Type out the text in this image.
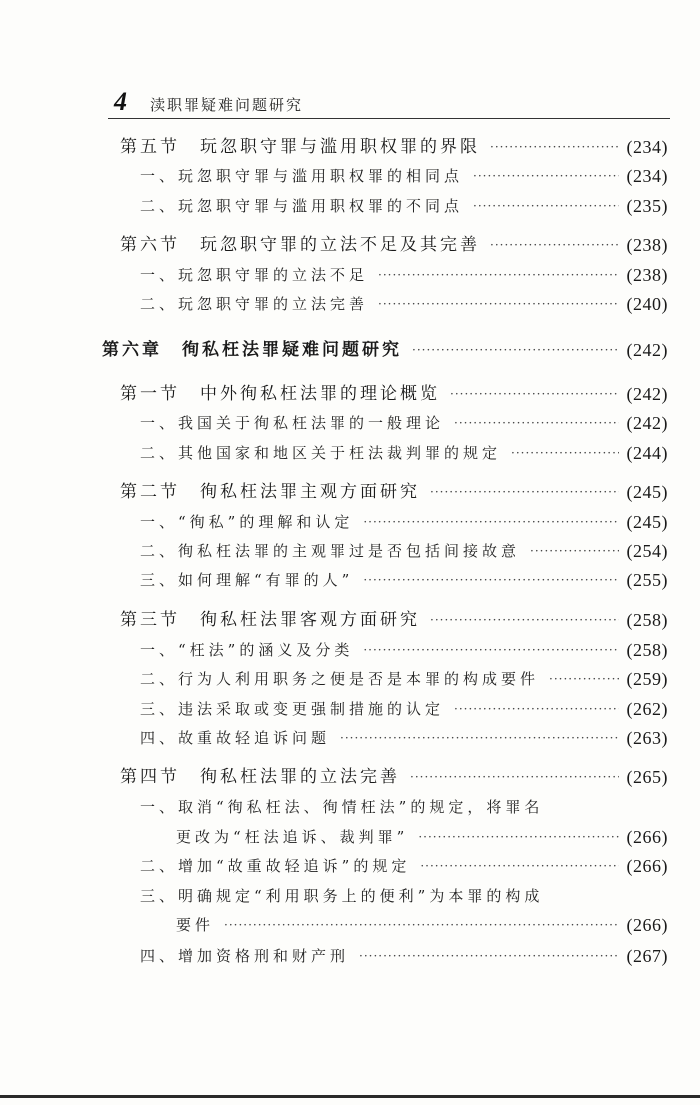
4 渎职罪疑难问题研究
第五节　玩忽职守罪与滥用职权罪的界限 ·····	(234)
一、玩忽职守罪与滥用职权罪的相同点 ·····	(234)
二、玩忽职守罪与滥用职权罪的不同点 ·····	(235)
第六节　玩忽职守罪的立法不足及其完善 ·····	(238)
一、玩忽职守罪的立法不足 ·····	(238)
二、玩忽职守罪的立法完善 ·····	(240)
第六章　徇私枉法罪疑难问题研究 ·····	(242)
第一节　中外徇私枉法罪的理论概览 ·····	(242)
一、我国关于徇私枉法罪的一般理论 ·····	(242)
二、其他国家和地区关于枉法裁判罪的规定 ·····	(244)
第二节　徇私枉法罪主观方面研究 ·····	(245)
一、“徇私”的理解和认定 ·····	(245)
二、徇私枉法罪的主观罪过是否包括间接故意 ·····	(254)
三、如何理解“有罪的人” ·····	(255)
第三节　徇私枉法罪客观方面研究 ·····	(258)
一、“枉法”的涵义及分类 ·····	(258)
二、行为人利用职务之便是否是本罪的构成要件 ·····	(259)
三、违法采取或变更强制措施的认定 ·····	(262)
四、故重故轻追诉问题 ·····	(263)
第四节　徇私枉法罪的立法完善 ·····	(265)
一、取消“徇私枉法、徇情枉法”的规定，将罪名
更改为“枉法追诉、裁判罪” ·····	(266)
二、增加“故重故轻追诉”的规定 ·····	(266)
三、明确规定“利用职务上的便利”为本罪的构成
要件 ·····	(266)
四、增加资格刑和财产刑 ·····	(267)
